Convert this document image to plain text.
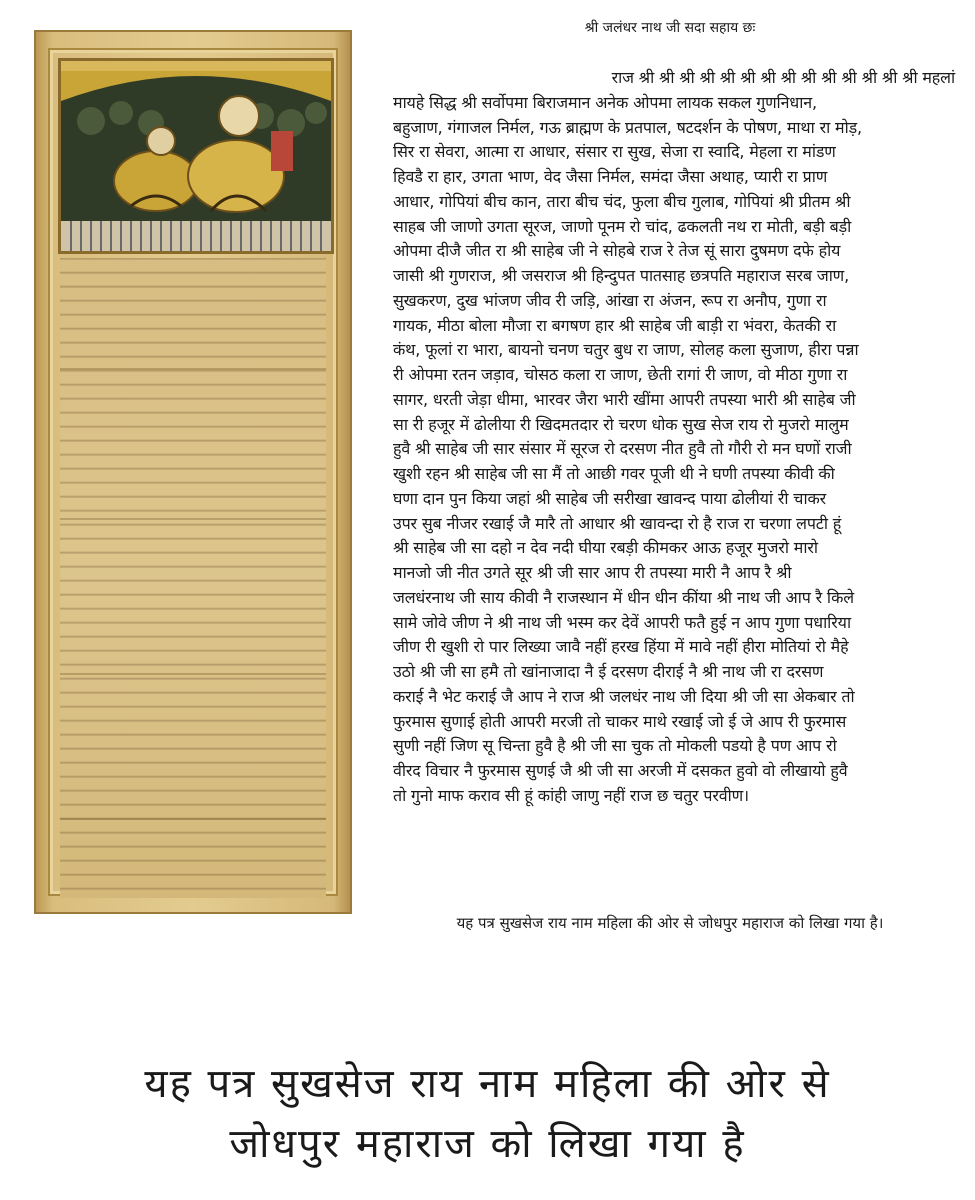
श्री जलंधर नाथ जी सदा सहाय छः
राज श्री श्री श्री श्री श्री श्री श्री श्री श्री श्री श्री श्री श्री श्री महलां
मायहे सिद्ध श्री सर्वोपमा बिराजमान अनेक ओपमा लायक सकल गुणनिधान,
बहुजाण, गंगाजल निर्मल, गऊ ब्राह्मण के प्रतपाल, षटदर्शन के पोषण, माथा रा मोड़,
सिर रा सेवरा, आत्मा रा आधार, संसार रा सुख, सेजा रा स्वादि, मेहला रा मांडण
हिवडै रा हार, उगता भाण, वेद जैसा निर्मल, समंदा जैसा अथाह, प्यारी रा प्राण
आधार, गोपियां बीच कान, तारा बीच चंद, फुला बीच गुलाब, गोपियां श्री प्रीतम श्री
साहब जी जाणो उगता सूरज, जाणो पूनम रो चांद, ढकलती नथ रा मोती, बड़ी बड़ी
ओपमा दीजै जीत रा श्री साहेब जी ने सोहबे राज रे तेज सूं सारा दुषमण दफे होय
जासी श्री गुणराज, श्री जसराज श्री हिन्दुपत पातसाह छत्रपति महाराज सरब जाण,
सुखकरण, दुख भांजण जीव री जड़ि, आंखा रा अंजन, रूप रा अनौप, गुणा रा
गायक, मीठा बोला मौजा रा बगषण हार श्री साहेब जी बाड़ी रा भंवरा, केतकी रा
कंथ, फूलां रा भारा, बायनो चनण चतुर बुध रा जाण, सोलह कला सुजाण, हीरा पन्ना
री ओपमा रतन जड़ाव, चोसठ कला रा जाण, छेती रागां री जाण, वो मीठा गुणा रा
सागर, धरती जेड़ा धीमा, भारवर जैरा भारी खींमा आपरी तपस्या भारी श्री साहेब जी
सा री हजूर में ढोलीया री खिदमतदार रो चरण धोक सुख सेज राय रो मुजरो मालुम
हुवै श्री साहेब जी सार संसार में सूरज रो दरसण नीत हुवै तो गौरी रो मन घणों राजी
खुशी रहन श्री साहेब जी सा मैं तो आछी गवर पूजी थी ने घणी तपस्या कीवी की
घणा दान पुन किया जहां श्री साहेब जी सरीखा खावन्द पाया ढोलीयां री चाकर
उपर सुब नीजर रखाई जै मारै तो आधार श्री खावन्दा रो है राज रा चरणा लपटी हूं
श्री साहेब जी सा दहो न देव नदी घीया रबड़ी कीमकर आऊ हजूर मुजरो मारो
मानजो जी नीत उगते सूर श्री जी सार आप री तपस्या मारी नै आप रै श्री
जलधंरनाथ जी साय कीवी नै राजस्थान में धीन धीन कींया श्री नाथ जी आप रै किले
सामे जोवे जीण ने श्री नाथ जी भस्म कर देवें आपरी फतै हुई न आप गुणा पधारिया
जीण री खुशी रो पार लिख्या जावै नहीं हरख हिंया में मावे नहीं हीरा मोतियां रो मैहे
उठो श्री जी सा हमै तो खांनाजादा नै ई दरसण दीराई नै श्री नाथ जी रा दरसण
कराई नै भेट कराई जै आप ने राज श्री जलधंर नाथ जी दिया श्री जी सा अेकबार तो
फुरमास सुणाई होती आपरी मरजी तो चाकर माथे रखाई जो ई जे आप री फुरमास
सुणी नहीं जिण सू चिन्ता हुवै है श्री जी सा चुक तो मोकली पडयो है पण आप रो
वीरद विचार नै फुरमास सुणई जै श्री जी सा अरजी में दसकत हुवो वो लीखायो हुवै
तो गुनो माफ कराव सी हूं कांही जाणु नहीं राज छ चतुर परवीण।
यह पत्र सुखसेज राय नाम महिला की ओर से जोधपुर महाराज को लिखा गया है।
यह पत्र सुखसेज राय नाम महिला की ओर से
जोधपुर महाराज को लिखा गया है
